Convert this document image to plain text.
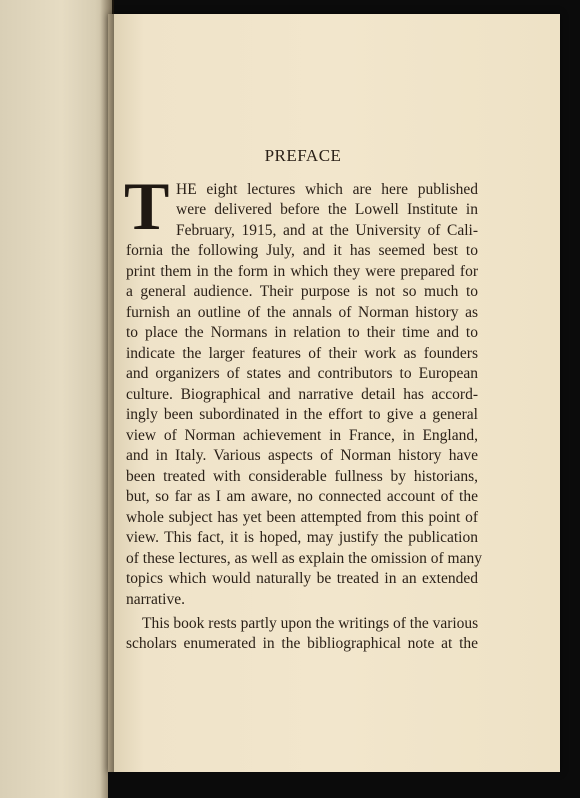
PREFACE
T HE eight lectures which are here published
were delivered before the Lowell Institute in
February, 1915, and at the University of Cali-
fornia the following July, and it has seemed best to
print them in the form in which they were prepared for
a general audience. Their purpose is not so much to
furnish an outline of the annals of Norman history as
to place the Normans in relation to their time and to
indicate the larger features of their work as founders
and organizers of states and contributors to European
culture. Biographical and narrative detail has accord-
ingly been subordinated in the effort to give a general
view of Norman achievement in France, in England,
and in Italy. Various aspects of Norman history have
been treated with considerable fullness by historians,
but, so far as I am aware, no connected account of the
whole subject has yet been attempted from this point of
view. This fact, it is hoped, may justify the publication
of these lectures, as well as explain the omission of many
topics which would naturally be treated in an extended
narrative.
This book rests partly upon the writings of the various
scholars enumerated in the bibliographical note at the
